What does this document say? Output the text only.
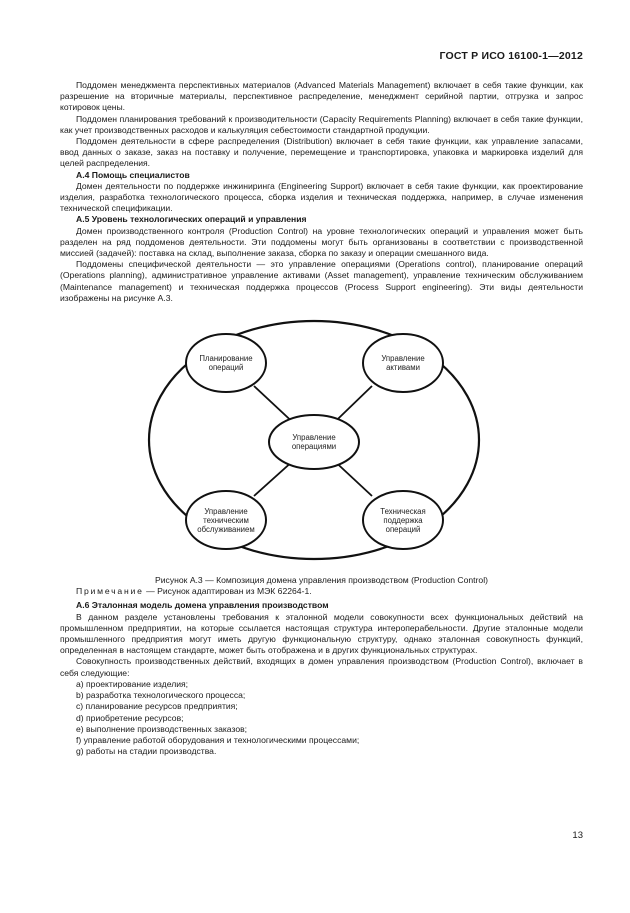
ГОСТ Р ИСО 16100-1—2012

Поддомен менеджмента перспективных материалов (Advanced Materials Management) включает в себя такие функции, как разрешение на вторичные материалы, перспективное распределение, менеджмент серийной партии, отгрузка и запрос котировок цены.

Поддомен планирования требований к производительности (Capacity Requirements Planning) включает в себя такие функции, как учет производственных расходов и калькуляция себестоимости стандартной продукции.

Поддомен деятельности в сфере распределения (Distribution) включает в себя такие функции, как управление запасами, ввод данных о заказе, заказ на поставку и получение, перемещение и транспортировка, упаковка и маркировка изделий для целей распределения.

А.4 Помощь специалистов

Домен деятельности по поддержке инжиниринга (Engineering Support) включает в себя такие функции, как проектирование изделия, разработка технологического процесса, сборка изделия и техническая поддержка, например, в случае изменения технической спецификации.

А.5 Уровень технологических операций и управления

Домен производственного контроля (Production Control) на уровне технологических операций и управления может быть разделен на ряд поддоменов деятельности. Эти поддомены могут быть организованы в соответствии с производственной миссией (задачей): поставка на склад, выполнение заказа, сборка по заказу и операции смешанного вида.

Поддомены специфической деятельности — это управление операциями (Operations control), планирование операций (Operations planning), административное управление активами (Asset management), управление техническим обслуживанием (Maintenance management) и техническая поддержка процессов (Process Support engineering). Эти виды деятельности изображены на рисунке А.3.

Планирование операций
Управление активами
Управление техническим обслуживанием
Техническая поддержка операций
Управление операциями
Рисунок А.3 — Композиция домена управления производством (Production Control)

Примечание — Рисунок адаптирован из МЭК 62264-1.

А.6 Эталонная модель домена управления производством

В данном разделе установлены требования к эталонной модели совокупности всех функциональных действий на промышленном предприятии, на которые ссылается настоящая структура интероперабельности. Другие эталонные модели промышленного предприятия могут иметь другую функциональную структуру, однако эталонная совокупность функций, определенная в настоящем стандарте, может быть отображена и в других функциональных структурах.

Совокупность производственных действий, входящих в домен управления производством (Production Control), включает в себя следующие:

a) проектирование изделия;
b) разработка технологического процесса;
c) планирование ресурсов предприятия;
d) приобретение ресурсов;
e) выполнение производственных заказов;
f) управление работой оборудования и технологическими процессами;
g) работы на стадии производства.
13
